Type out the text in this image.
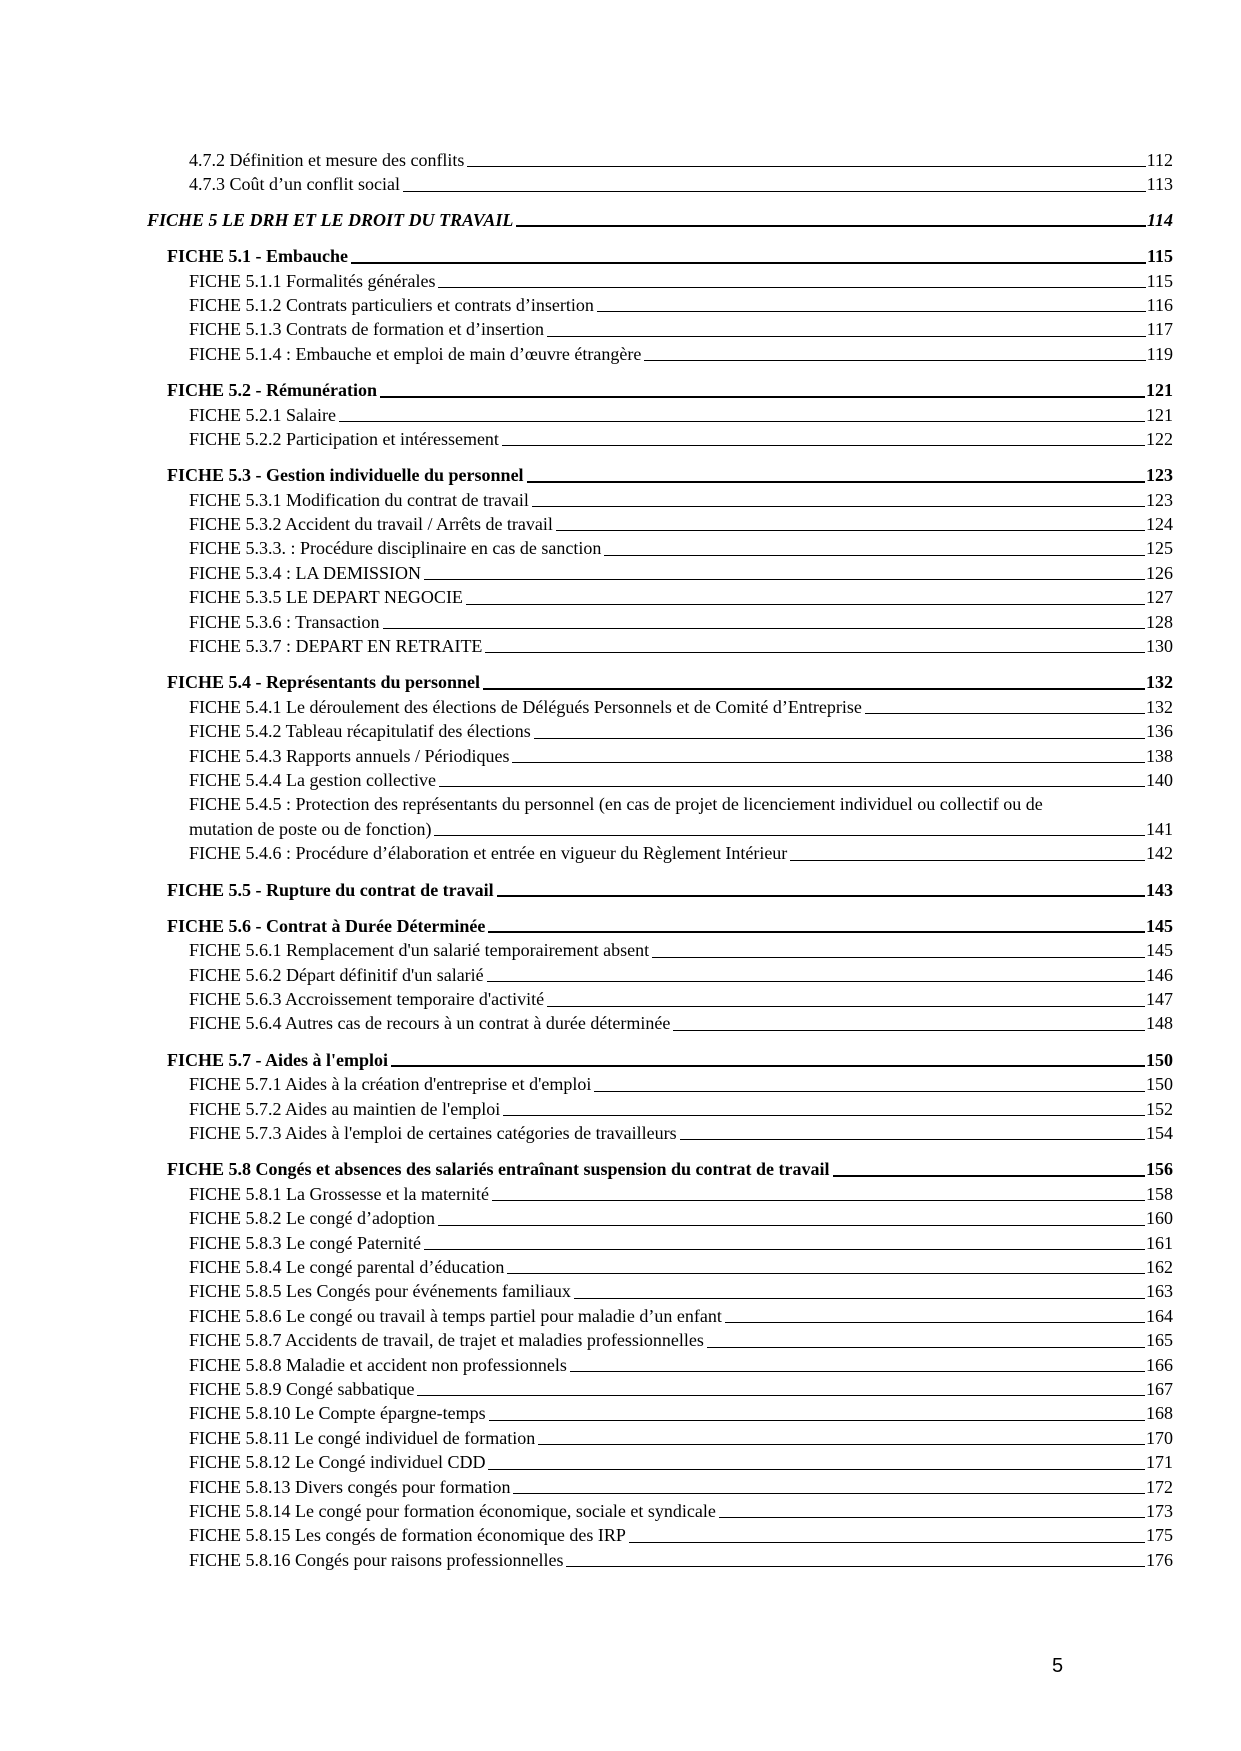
4.7.2 Définition et mesure des conflits	112
4.7.3 Coût d’un conflit social	113
FICHE 5 LE DRH ET LE DROIT DU TRAVAIL	114
FICHE 5.1 - Embauche	115
FICHE 5.1.1 Formalités générales	115
FICHE 5.1.2 Contrats particuliers et contrats d’insertion	116
FICHE 5.1.3 Contrats de formation et d’insertion	117
FICHE 5.1.4 : Embauche et emploi de main d’œuvre étrangère	119
FICHE 5.2 - Rémunération	121
FICHE 5.2.1 Salaire	121
FICHE 5.2.2 Participation et intéressement	122
FICHE 5.3 - Gestion individuelle du personnel	123
FICHE 5.3.1 Modification du contrat de travail	123
FICHE 5.3.2 Accident du travail / Arrêts de travail	124
FICHE 5.3.3. : Procédure disciplinaire en cas de sanction	125
FICHE 5.3.4 : LA DEMISSION	126
FICHE 5.3.5 LE DEPART NEGOCIE	127
FICHE 5.3.6 : Transaction	128
FICHE 5.3.7 : DEPART EN RETRAITE	130
FICHE 5.4 - Représentants du personnel	132
FICHE 5.4.1 Le déroulement des élections de Délégués Personnels et de Comité d’Entreprise	132
FICHE 5.4.2 Tableau récapitulatif des élections	136
FICHE 5.4.3 Rapports annuels / Périodiques	138
FICHE 5.4.4 La gestion collective	140
FICHE 5.4.5 : Protection des représentants du personnel (en cas de projet de licenciement individuel ou collectif ou de
mutation de poste ou de fonction)	141
FICHE 5.4.6 : Procédure d’élaboration et entrée en vigueur du Règlement Intérieur	142
FICHE 5.5 - Rupture du contrat de travail	143
FICHE 5.6 - Contrat à Durée Déterminée	145
FICHE 5.6.1 Remplacement d'un salarié temporairement absent	145
FICHE 5.6.2 Départ définitif d'un salarié	146
FICHE 5.6.3 Accroissement temporaire d'activité	147
FICHE 5.6.4 Autres cas de recours à un contrat à durée déterminée	148
FICHE 5.7 - Aides à l'emploi	150
FICHE 5.7.1 Aides à la création d'entreprise et d'emploi	150
FICHE 5.7.2 Aides au maintien de l'emploi	152
FICHE 5.7.3 Aides à l'emploi de certaines catégories de travailleurs	154
FICHE 5.8 Congés et absences des salariés entraînant suspension du contrat de travail	156
FICHE 5.8.1 La Grossesse et la maternité	158
FICHE 5.8.2 Le congé d’adoption	160
FICHE 5.8.3 Le congé Paternité	161
FICHE 5.8.4 Le congé parental d’éducation	162
FICHE 5.8.5 Les Congés pour événements familiaux	163
FICHE 5.8.6 Le congé ou travail à temps partiel pour maladie d’un enfant	164
FICHE 5.8.7 Accidents de travail, de trajet et maladies professionnelles	165
FICHE 5.8.8 Maladie et accident non professionnels	166
FICHE 5.8.9 Congé sabbatique	167
FICHE 5.8.10 Le Compte épargne-temps	168
FICHE 5.8.11 Le congé individuel de formation	170
FICHE 5.8.12 Le Congé individuel CDD	171
FICHE 5.8.13 Divers congés pour formation	172
FICHE 5.8.14 Le congé pour formation économique, sociale et syndicale	173
FICHE 5.8.15 Les congés de formation économique des IRP	175
FICHE 5.8.16 Congés pour raisons professionnelles	176
5
